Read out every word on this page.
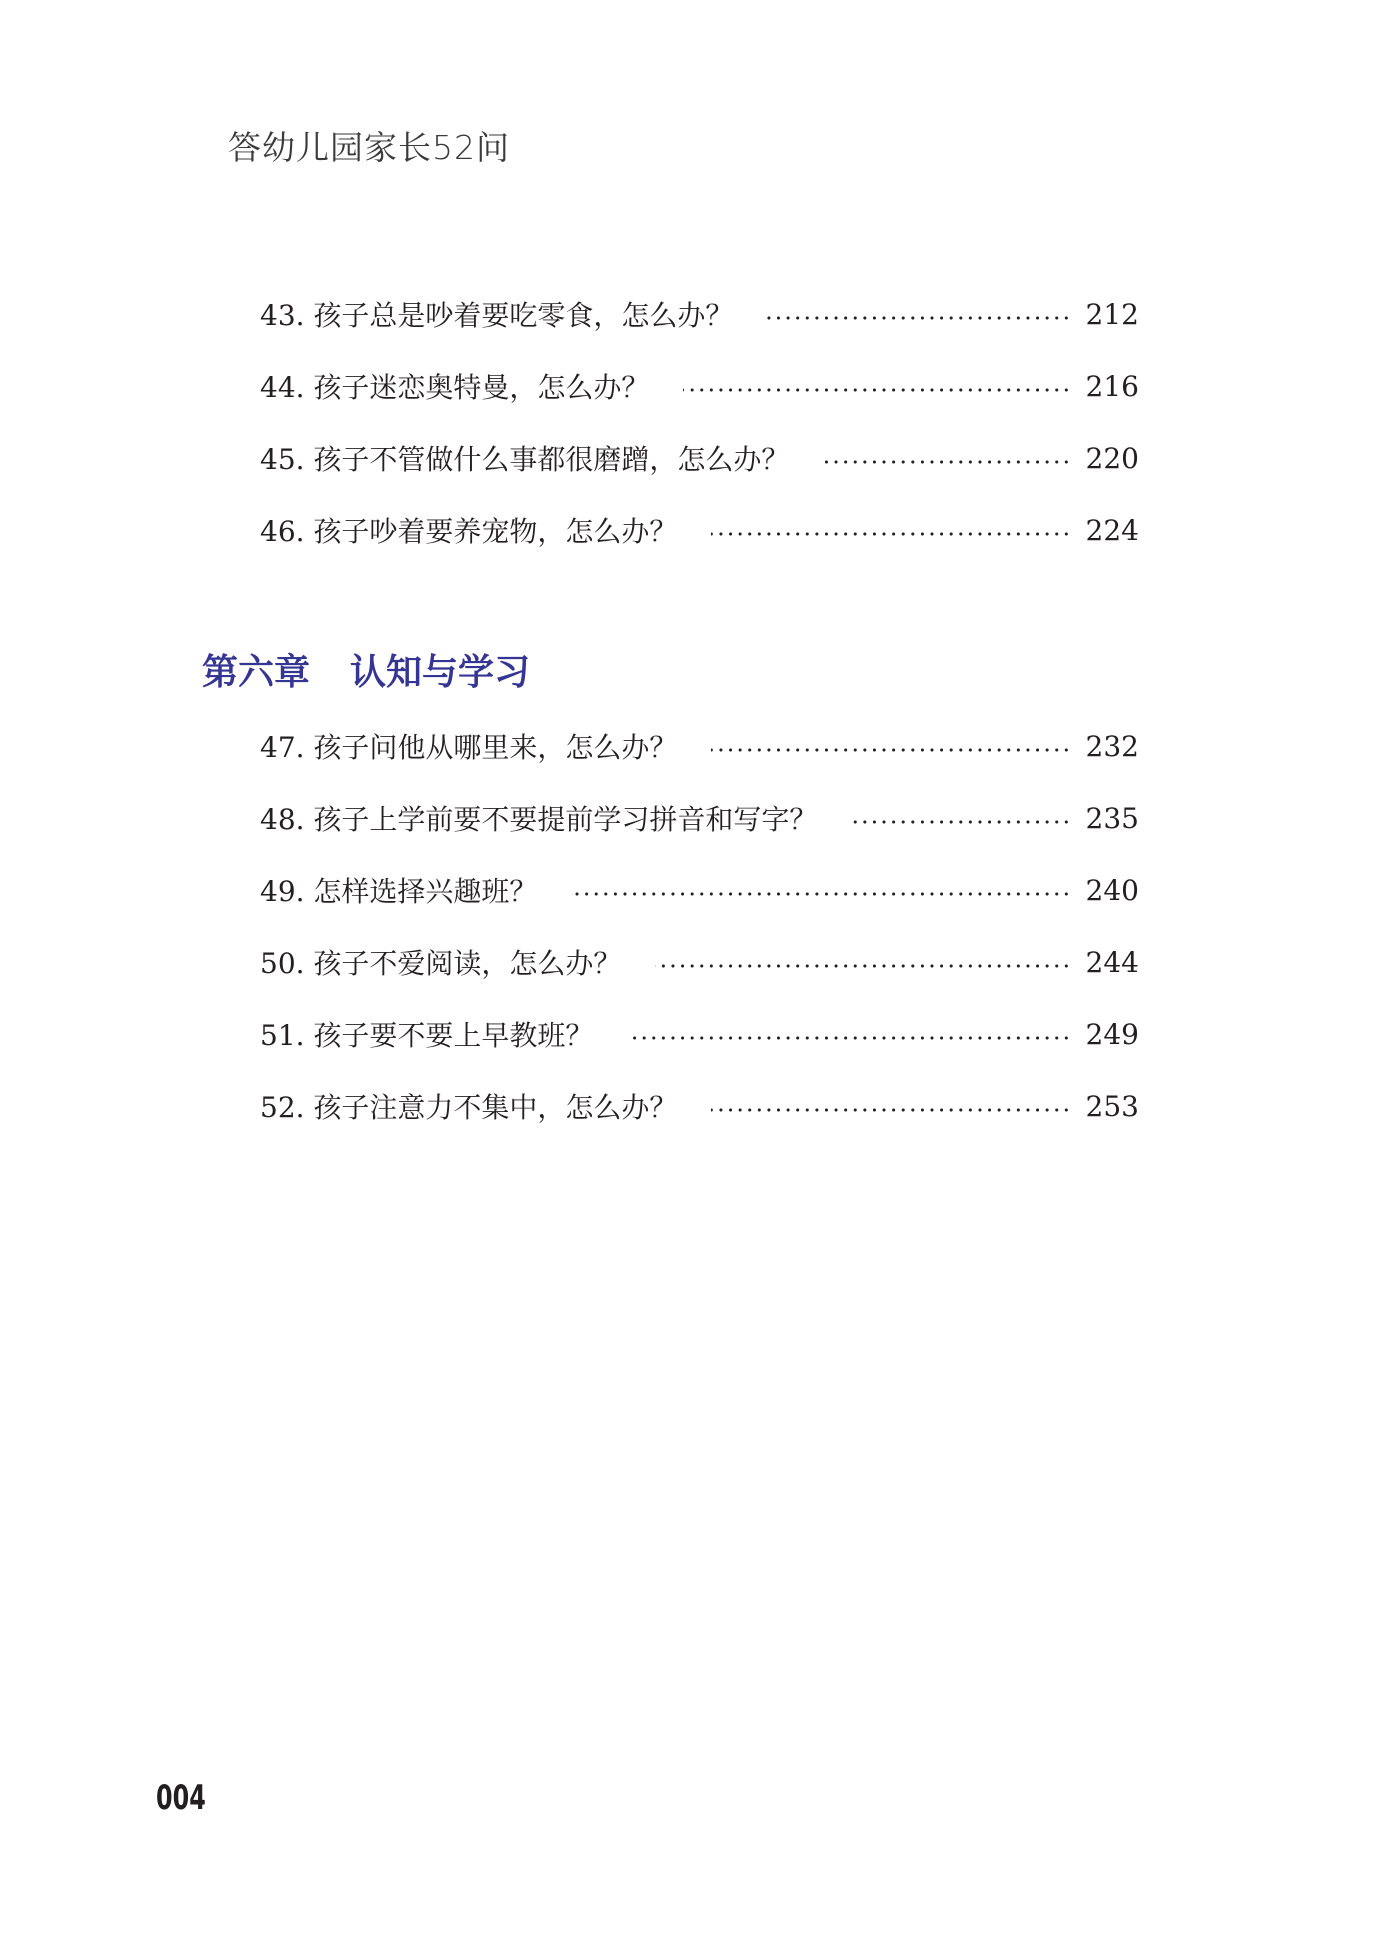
答幼儿园家长52问
43. 孩子总是吵着要吃零食，怎么办？	212
44. 孩子迷恋奥特曼，怎么办？	216
45. 孩子不管做什么事都很磨蹭，怎么办？	220
46. 孩子吵着要养宠物，怎么办？	224
第六章 认知与学习
47. 孩子问他从哪里来，怎么办？	232
48. 孩子上学前要不要提前学习拼音和写字？	235
49. 怎样选择兴趣班？	240
50. 孩子不爱阅读，怎么办？	244
51. 孩子要不要上早教班？	249
52. 孩子注意力不集中，怎么办？	253
004
